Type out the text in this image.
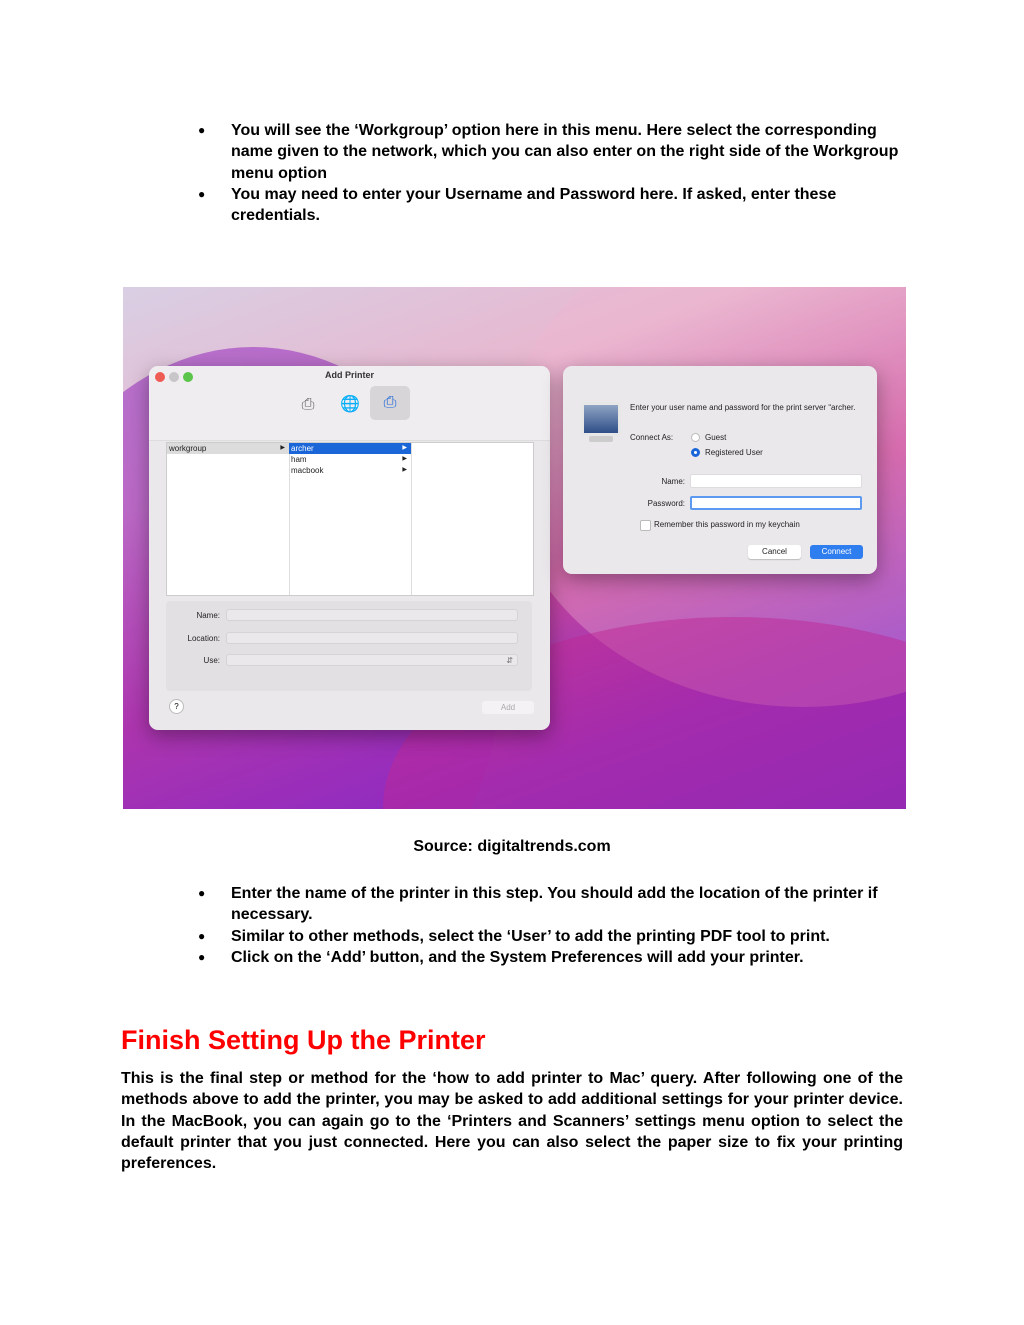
● You will see the ‘Workgroup’ option here in this menu. Here select the corresponding name given to the network, which you can also enter on the right side of the Workgroup menu option
● You may need to enter your Username and Password here. If asked, enter these credentials.
Add Printer
⎙	🌐	⎙
workgroup	▶ archer	▶
ham	▶
macbook	▶
Name:
Location:
Use:	⇵
?	Add
Enter your user name and password for the print server “archer.
Connect As:	Guest
Registered User
Name:
Password:
Remember this password in my keychain
Cancel	Connect
Source: digitaltrends.com
● Enter the name of the printer in this step. You should add the location of the printer if necessary.
● Similar to other methods, select the ‘User’ to add the printing PDF tool to print.
● Click on the ‘Add’ button, and the System Preferences will add your printer.
Finish Setting Up the Printer

This is the final step or method for the ‘how to add printer to Mac’ query. After following one of the methods above to add the printer, you may be asked to add additional settings for your printer device. In the MacBook, you can again go to the ‘Printers and Scanners’ settings menu option to select the default printer that you just connected. Here you can also select the paper size to fix your printing preferences.
